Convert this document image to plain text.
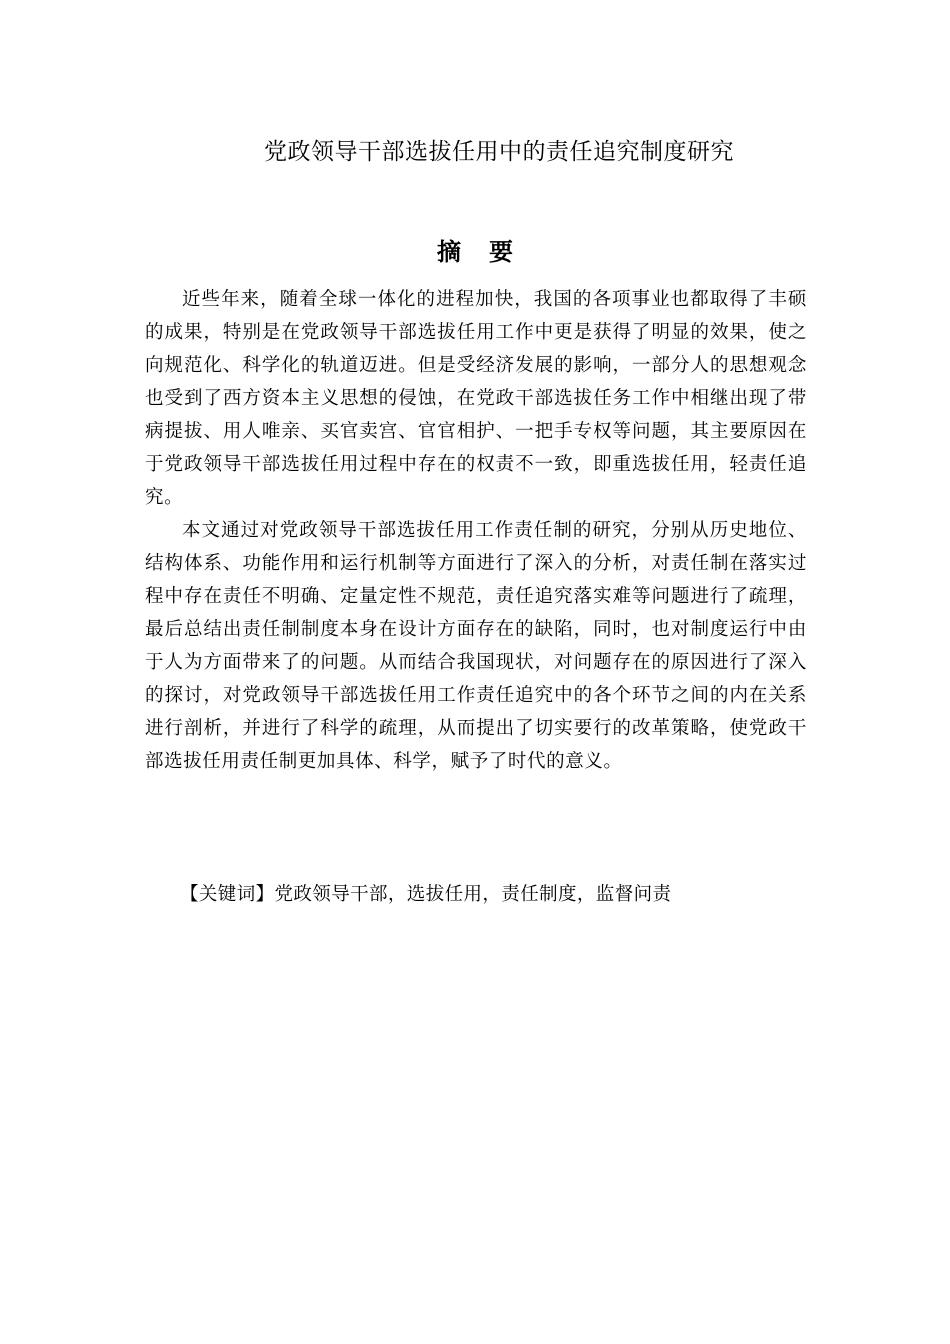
党政领导干部选拔任用中的责任追究制度研究
摘 要

近些年来，随着全球一体化的进程加快，我国的各项事业也都取得了丰硕的成果，特别是在党政领导干部选拔任用工作中更是获得了明显的效果，使之向规范化、科学化的轨道迈进。但是受经济发展的影响，一部分人的思想观念也受到了西方资本主义思想的侵蚀，在党政干部选拔任务工作中相继出现了带病提拔、用人唯亲、买官卖宫、官官相护、一把手专权等问题，其主要原因在于党政领导干部选拔任用过程中存在的权责不一致，即重选拔任用，轻责任追究。

本文通过对党政领导干部选拔任用工作责任制的研究，分别从历史地位、结构体系、功能作用和运行机制等方面进行了深入的分析，对责任制在落实过程中存在责任不明确、定量定性不规范，责任追究落实难等问题进行了疏理，最后总结出责任制制度本身在设计方面存在的缺陷，同时，也对制度运行中由于人为方面带来了的问题。从而结合我国现状，对问题存在的原因进行了深入的探讨，对党政领导干部选拔任用工作责任追究中的各个环节之间的内在关系进行剖析，并进行了科学的疏理，从而提出了切实要行的改革策略，使党政干部选拔任用责任制更加具体、科学，赋予了时代的意义。

【关键词】党政领导干部，选拔任用，责任制度，监督问责
